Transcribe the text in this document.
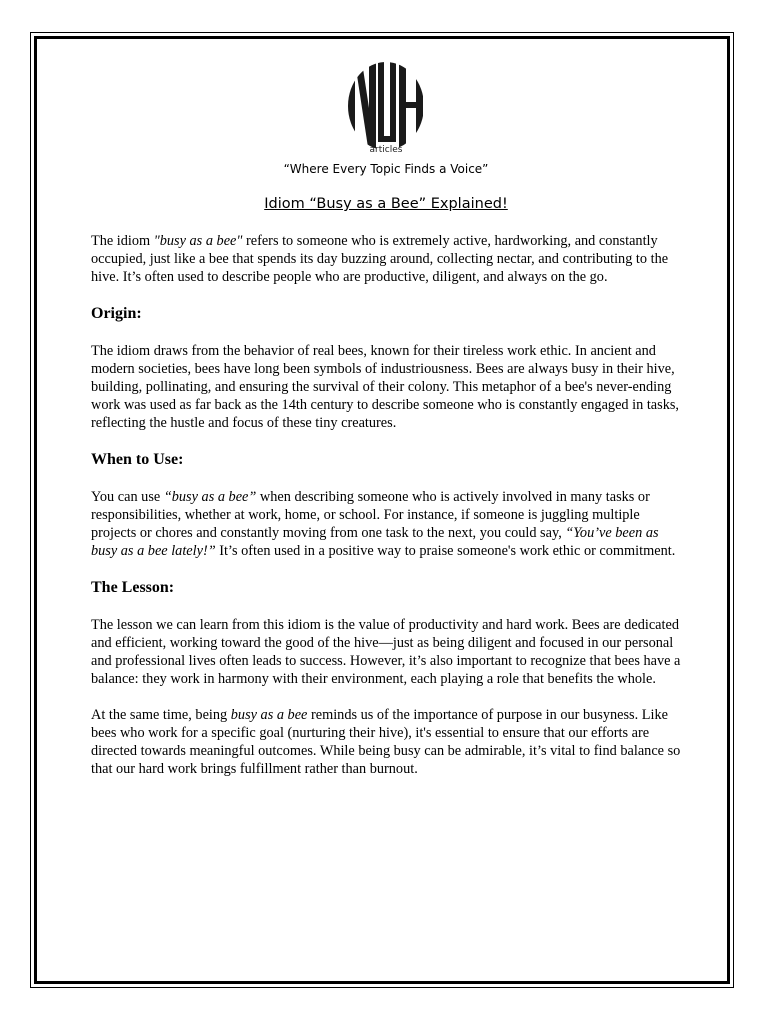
articles
“Where Every Topic Finds a Voice”
Idiom “Busy as a Bee” Explained!

The idiom "busy as a bee" refers to someone who is extremely active, hardworking, and constantly occupied, just like a bee that spends its day buzzing around, collecting nectar, and contributing to the hive. It’s often used to describe people who are productive, diligent, and always on the go.

Origin:

The idiom draws from the behavior of real bees, known for their tireless work ethic. In ancient and modern societies, bees have long been symbols of industriousness. Bees are always busy in their hive, building, pollinating, and ensuring the survival of their colony. This metaphor of a bee's never-ending work was used as far back as the 14th century to describe someone who is constantly engaged in tasks, reflecting the hustle and focus of these tiny creatures.

When to Use:

You can use “busy as a bee” when describing someone who is actively involved in many tasks or responsibilities, whether at work, home, or school. For instance, if someone is juggling multiple projects or chores and constantly moving from one task to the next, you could say, “You’ve been as busy as a bee lately!” It’s often used in a positive way to praise someone's work ethic or commitment.

The Lesson:

The lesson we can learn from this idiom is the value of productivity and hard work. Bees are dedicated and efficient, working toward the good of the hive—just as being diligent and focused in our personal and professional lives often leads to success. However, it’s also important to recognize that bees have a balance: they work in harmony with their environment, each playing a role that benefits the whole.

At the same time, being busy as a bee reminds us of the importance of purpose in our busyness. Like bees who work for a specific goal (nurturing their hive), it's essential to ensure that our efforts are directed towards meaningful outcomes. While being busy can be admirable, it’s vital to find balance so that our hard work brings fulfillment rather than burnout.
